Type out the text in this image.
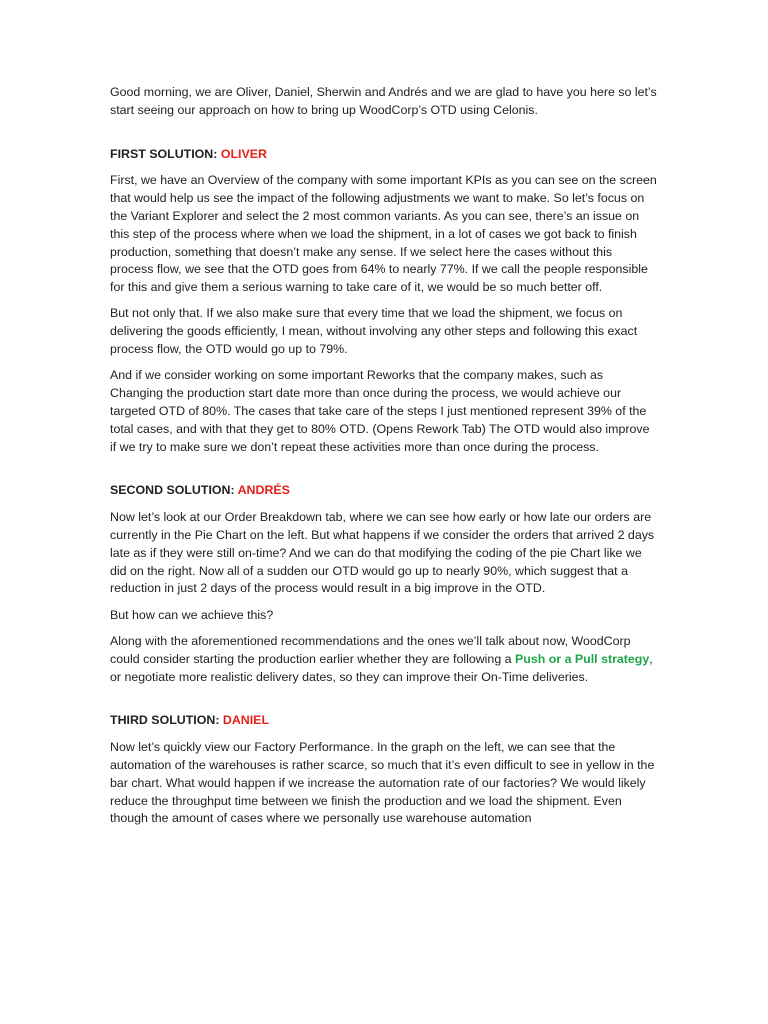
Good morning, we are Oliver, Daniel, Sherwin and Andrés and we are glad to have you here so let’s start seeing our approach on how to bring up WoodCorp’s OTD using Celonis.

FIRST SOLUTION: OLIVER

First, we have an Overview of the company with some important KPIs as you can see on the screen that would help us see the impact of the following adjustments we want to make. So let’s focus on the Variant Explorer and select the 2 most common variants. As you can see, there’s an issue on this step of the process where when we load the shipment, in a lot of cases we got back to finish production, something that doesn’t make any sense. If we select here the cases without this process flow, we see that the OTD goes from 64% to nearly 77%. If we call the people responsible for this and give them a serious warning to take care of it, we would be so much better off.

But not only that. If we also make sure that every time that we load the shipment, we focus on delivering the goods efficiently, I mean, without involving any other steps and following this exact process flow, the OTD would go up to 79%.

And if we consider working on some important Reworks that the company makes, such as Changing the production start date more than once during the process, we would achieve our targeted OTD of 80%. The cases that take care of the steps I just mentioned represent 39% of the total cases, and with that they get to 80% OTD. (Opens Rework Tab) The OTD would also improve if we try to make sure we don’t repeat these activities more than once during the process.

SECOND SOLUTION: ANDRÉS

Now let’s look at our Order Breakdown tab, where we can see how early or how late our orders are currently in the Pie Chart on the left. But what happens if we consider the orders that arrived 2 days late as if they were still on-time? And we can do that modifying the coding of the pie Chart like we did on the right. Now all of a sudden our OTD would go up to nearly 90%, which suggest that a reduction in just 2 days of the process would result in a big improve in the OTD.

But how can we achieve this?

Along with the aforementioned recommendations and the ones we’ll talk about now, WoodCorp could consider starting the production earlier whether they are following a Push or a Pull strategy, or negotiate more realistic delivery dates, so they can improve their On-Time deliveries.

THIRD SOLUTION: DANIEL

Now let’s quickly view our Factory Performance. In the graph on the left, we can see that the automation of the warehouses is rather scarce, so much that it’s even difficult to see in yellow in the bar chart. What would happen if we increase the automation rate of our factories? We would likely reduce the throughput time between we finish the production and we load the shipment. Even though the amount of cases where we personally use warehouse automation
